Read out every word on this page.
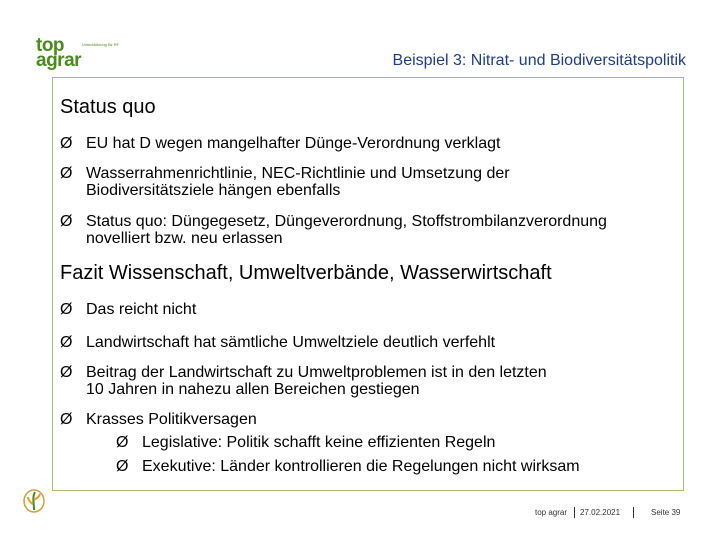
top	Unterstützung für RF
agrar	Beispiel 3: Nitrat- und Biodiversitätspolitik
Status quo
Ø EU hat D wegen mangelhafter Dünge-Verordnung verklagt
Ø Wasserrahmenrichtlinie, NEC-Richtlinie und Umsetzung der
Biodiversitätsziele hängen ebenfalls
Ø Status quo: Düngegesetz, Düngeverordnung, Stoffstrombilanzverordnung
novelliert bzw. neu erlassen
Fazit Wissenschaft, Umweltverbände, Wasserwirtschaft
Ø Das reicht nicht
Ø Landwirtschaft hat sämtliche Umweltziele deutlich verfehlt
Ø Beitrag der Landwirtschaft zu Umweltproblemen ist in den letzten
10 Jahren in nahezu allen Bereichen gestiegen
Ø Krasses Politikversagen
Ø Legislative: Politik schafft keine effizienten Regeln
Ø Exekutive: Länder kontrollieren die Regelungen nicht wirksam
top agrar 27.02.2021	Seite 39
